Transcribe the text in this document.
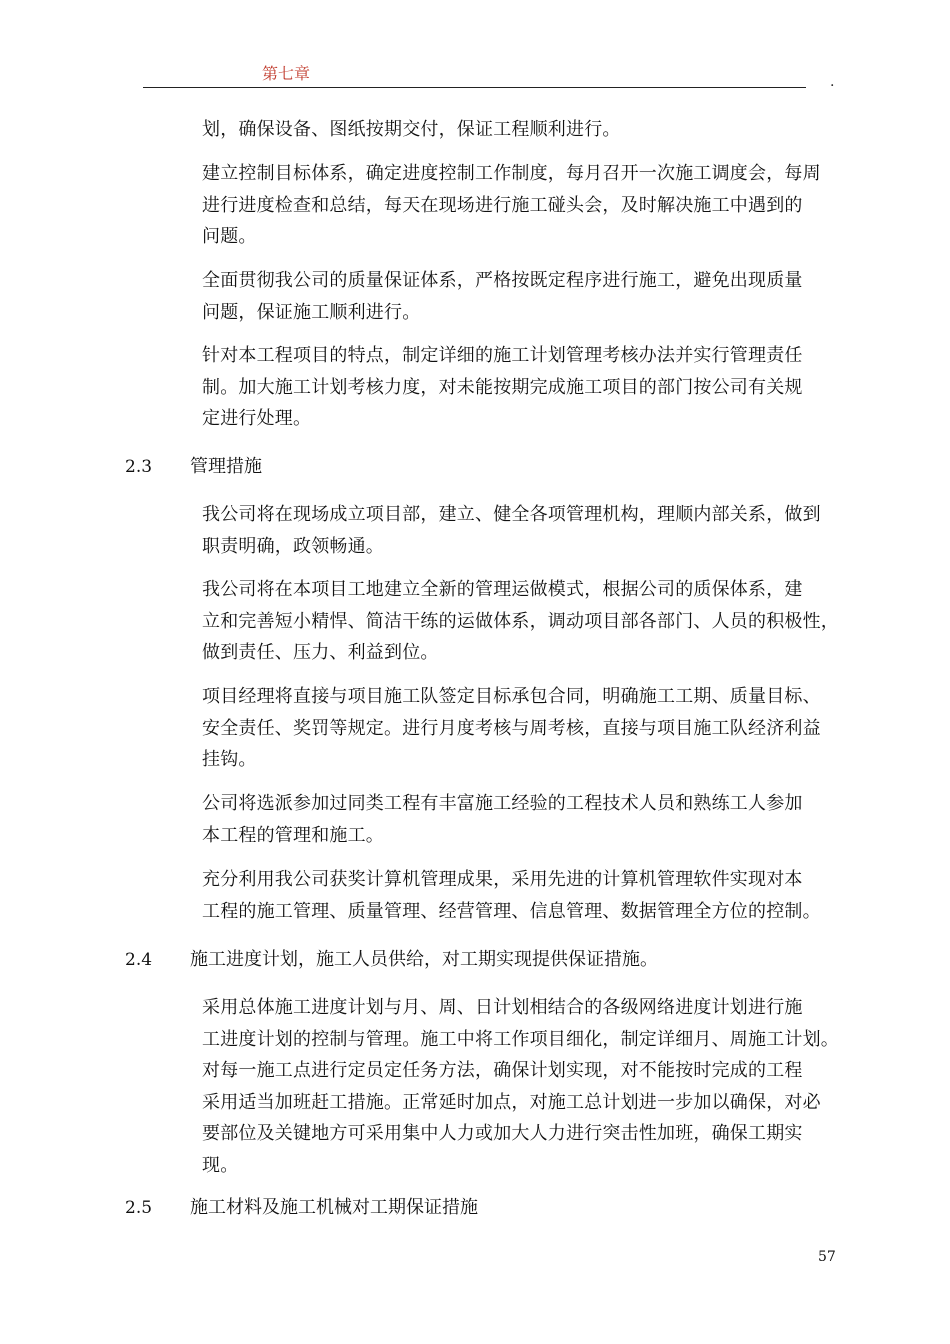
第七章	.
划，确保设备、图纸按期交付，保证工程顺利进行。
建立控制目标体系，确定进度控制工作制度，每月召开一次施工调度会，每周
进行进度检查和总结，每天在现场进行施工碰头会，及时解决施工中遇到的
问题。
全面贯彻我公司的质量保证体系，严格按既定程序进行施工，避免出现质量
问题，保证施工顺利进行。
针对本工程项目的特点，制定详细的施工计划管理考核办法并实行管理责任
制。加大施工计划考核力度，对未能按期完成施工项目的部门按公司有关规
定进行处理。
2.3 管理措施
我公司将在现场成立项目部，建立、健全各项管理机构，理顺内部关系，做到
职责明确，政领畅通。
我公司将在本项目工地建立全新的管理运做模式，根据公司的质保体系，建
立和完善短小精悍、简洁干练的运做体系，调动项目部各部门、人员的积极性，
做到责任、压力、利益到位。
项目经理将直接与项目施工队签定目标承包合同，明确施工工期、质量目标、
安全责任、奖罚等规定。进行月度考核与周考核，直接与项目施工队经济利益
挂钩。
公司将选派参加过同类工程有丰富施工经验的工程技术人员和熟练工人参加
本工程的管理和施工。
充分利用我公司获奖计算机管理成果，采用先进的计算机管理软件实现对本
工程的施工管理、质量管理、经营管理、信息管理、数据管理全方位的控制。
2.4 施工进度计划，施工人员供给，对工期实现提供保证措施。
采用总体施工进度计划与月、周、日计划相结合的各级网络进度计划进行施
工进度计划的控制与管理。施工中将工作项目细化，制定详细月、周施工计划。
对每一施工点进行定员定任务方法，确保计划实现，对不能按时完成的工程
采用适当加班赶工措施。正常延时加点，对施工总计划进一步加以确保，对必
要部位及关键地方可采用集中人力或加大人力进行突击性加班，确保工期实
现。
2.5 施工材料及施工机械对工期保证措施
57
